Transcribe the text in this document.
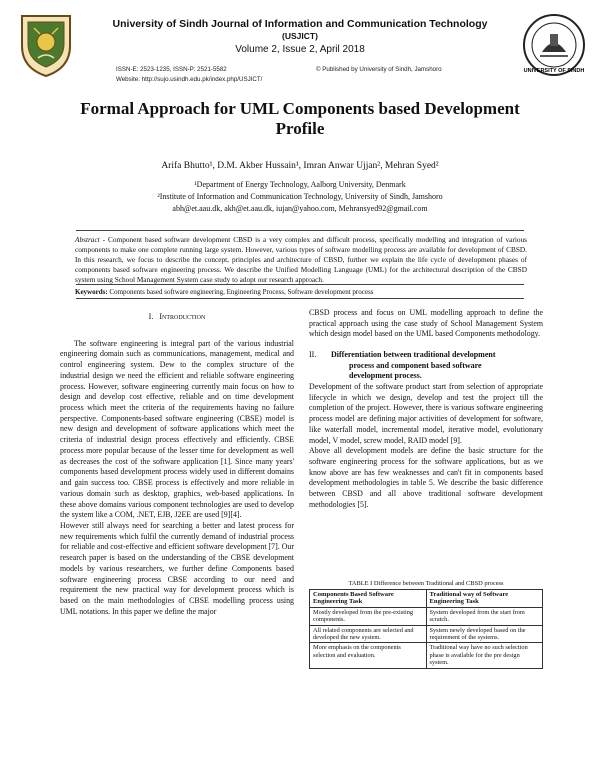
UNIVERSITY OF SINDH
University of Sindh Journal of Information and Communication Technology
(USJICT)
Volume 2, Issue 2, April 2018
ISSN-E: 2523-1235, ISSN-P: 2521-5582	© Published by University of Sindh, Jamshoro
Website: http://sujo.usindh.edu.pk/index.php/USJICT/
Formal Approach for UML Components based Development
Profile
Arifa Bhutto¹, D.M. Akber Hussain¹, Imran Anwar Ujjan², Mehran Syed²
¹Department of Energy Technology, Aalborg University, Denmark
²Institute of Information and Communication Technology, University of Sindh, Jamshoro
abh@et.aau.dk, akh@et.aau.dk, iujan@yahoo.com, Mehransyed92@gmail.com
Abstract - Component based software development CBSD is a very complex and difficult process, specifically modelling and integration of various components to make one complete running large system. However, various types of software modelling process are available for development of CBSD. In this research, we focus to describe the concept, principles and architecture of CBSD, further we explain the life cycle of development phases of components based software engineering process. We describe the Unified Modelling Language (UML) for the architectural description of the CBSD system using School Management System case study to adopt our research approach.
Keywords: Components based software engineering, Engineering Process, Software development process
I. Introduction

The software engineering is integral part of the various industrial engineering domain such as communications, management, medical and control engineering system. Dew to the complex structure of the industrial design we need the efficient and reliable software engineering process. However, software engineering currently main focus on how to design and develop cost effective, reliable and on time development process which meet the criteria of the requirements having no failure perspective. Components-based software engineering (CBSE) model is new design and development of software applications which meet the criteria of industrial design process effectively and efficiently. CBSE process more popular because of the lesser time for development as well as decreases the cost of the software application [1]. Since many years' components based development process widely used in different domains and gain success too. CBSE process is effectively and more reliable in various domain such as desktop, graphics, web-based applications. In these above domains various component technologies are used to develop the system like a COM, .NET, EJB, J2EE are used [9][4].

However still always need for searching a better and latest process for new requirements which fulfil the currently demand of industrial process for reliable and cost-effective and efficient software development [7]. Our research paper is based on the understanding of the CBSE development models by various researchers, we further define Components based software engineering process CBSE according to our need and requirement the new practical way for development process which is based on the main methodologies of CBSE modelling process using UML notations. In this paper we define the major

CBSD process and focus on UML modelling approach to define the practical approach using the case study of School Management System which design model based on the UML based Components methodology.

II.	Differentiation between traditional development
process and component based software
development process.

Development of the software product start from selection of appropriate lifecycle in which we design, develop and test the project till the completion of the project. However, there is various software engineering process model are defining major activities of development for software, like waterfall model, incremental model, iterative model, evolutionary model, V model, screw model, RAID model [9].

Above all development models are define the basic structure for the software engineering process for the software applications, but as we know above are has few weaknesses and can't fit in components based development methodologies in table 5. We describe the basic difference between CBSD and all above traditional software development methodologies [5].

TABLE I Difference between Traditional and CBSD process
Components Based Software Engineering Task	Traditional way of Software Engineering Task
Mostly developed from the pre-existing components.	System developed from the start from scratch.
All related components are selected and developed the new system.	System newly developed based on the requirement of the systems.
More emphasis on the components selection and evaluation.	Traditional way have no such selection phase is available for the pre design system.
